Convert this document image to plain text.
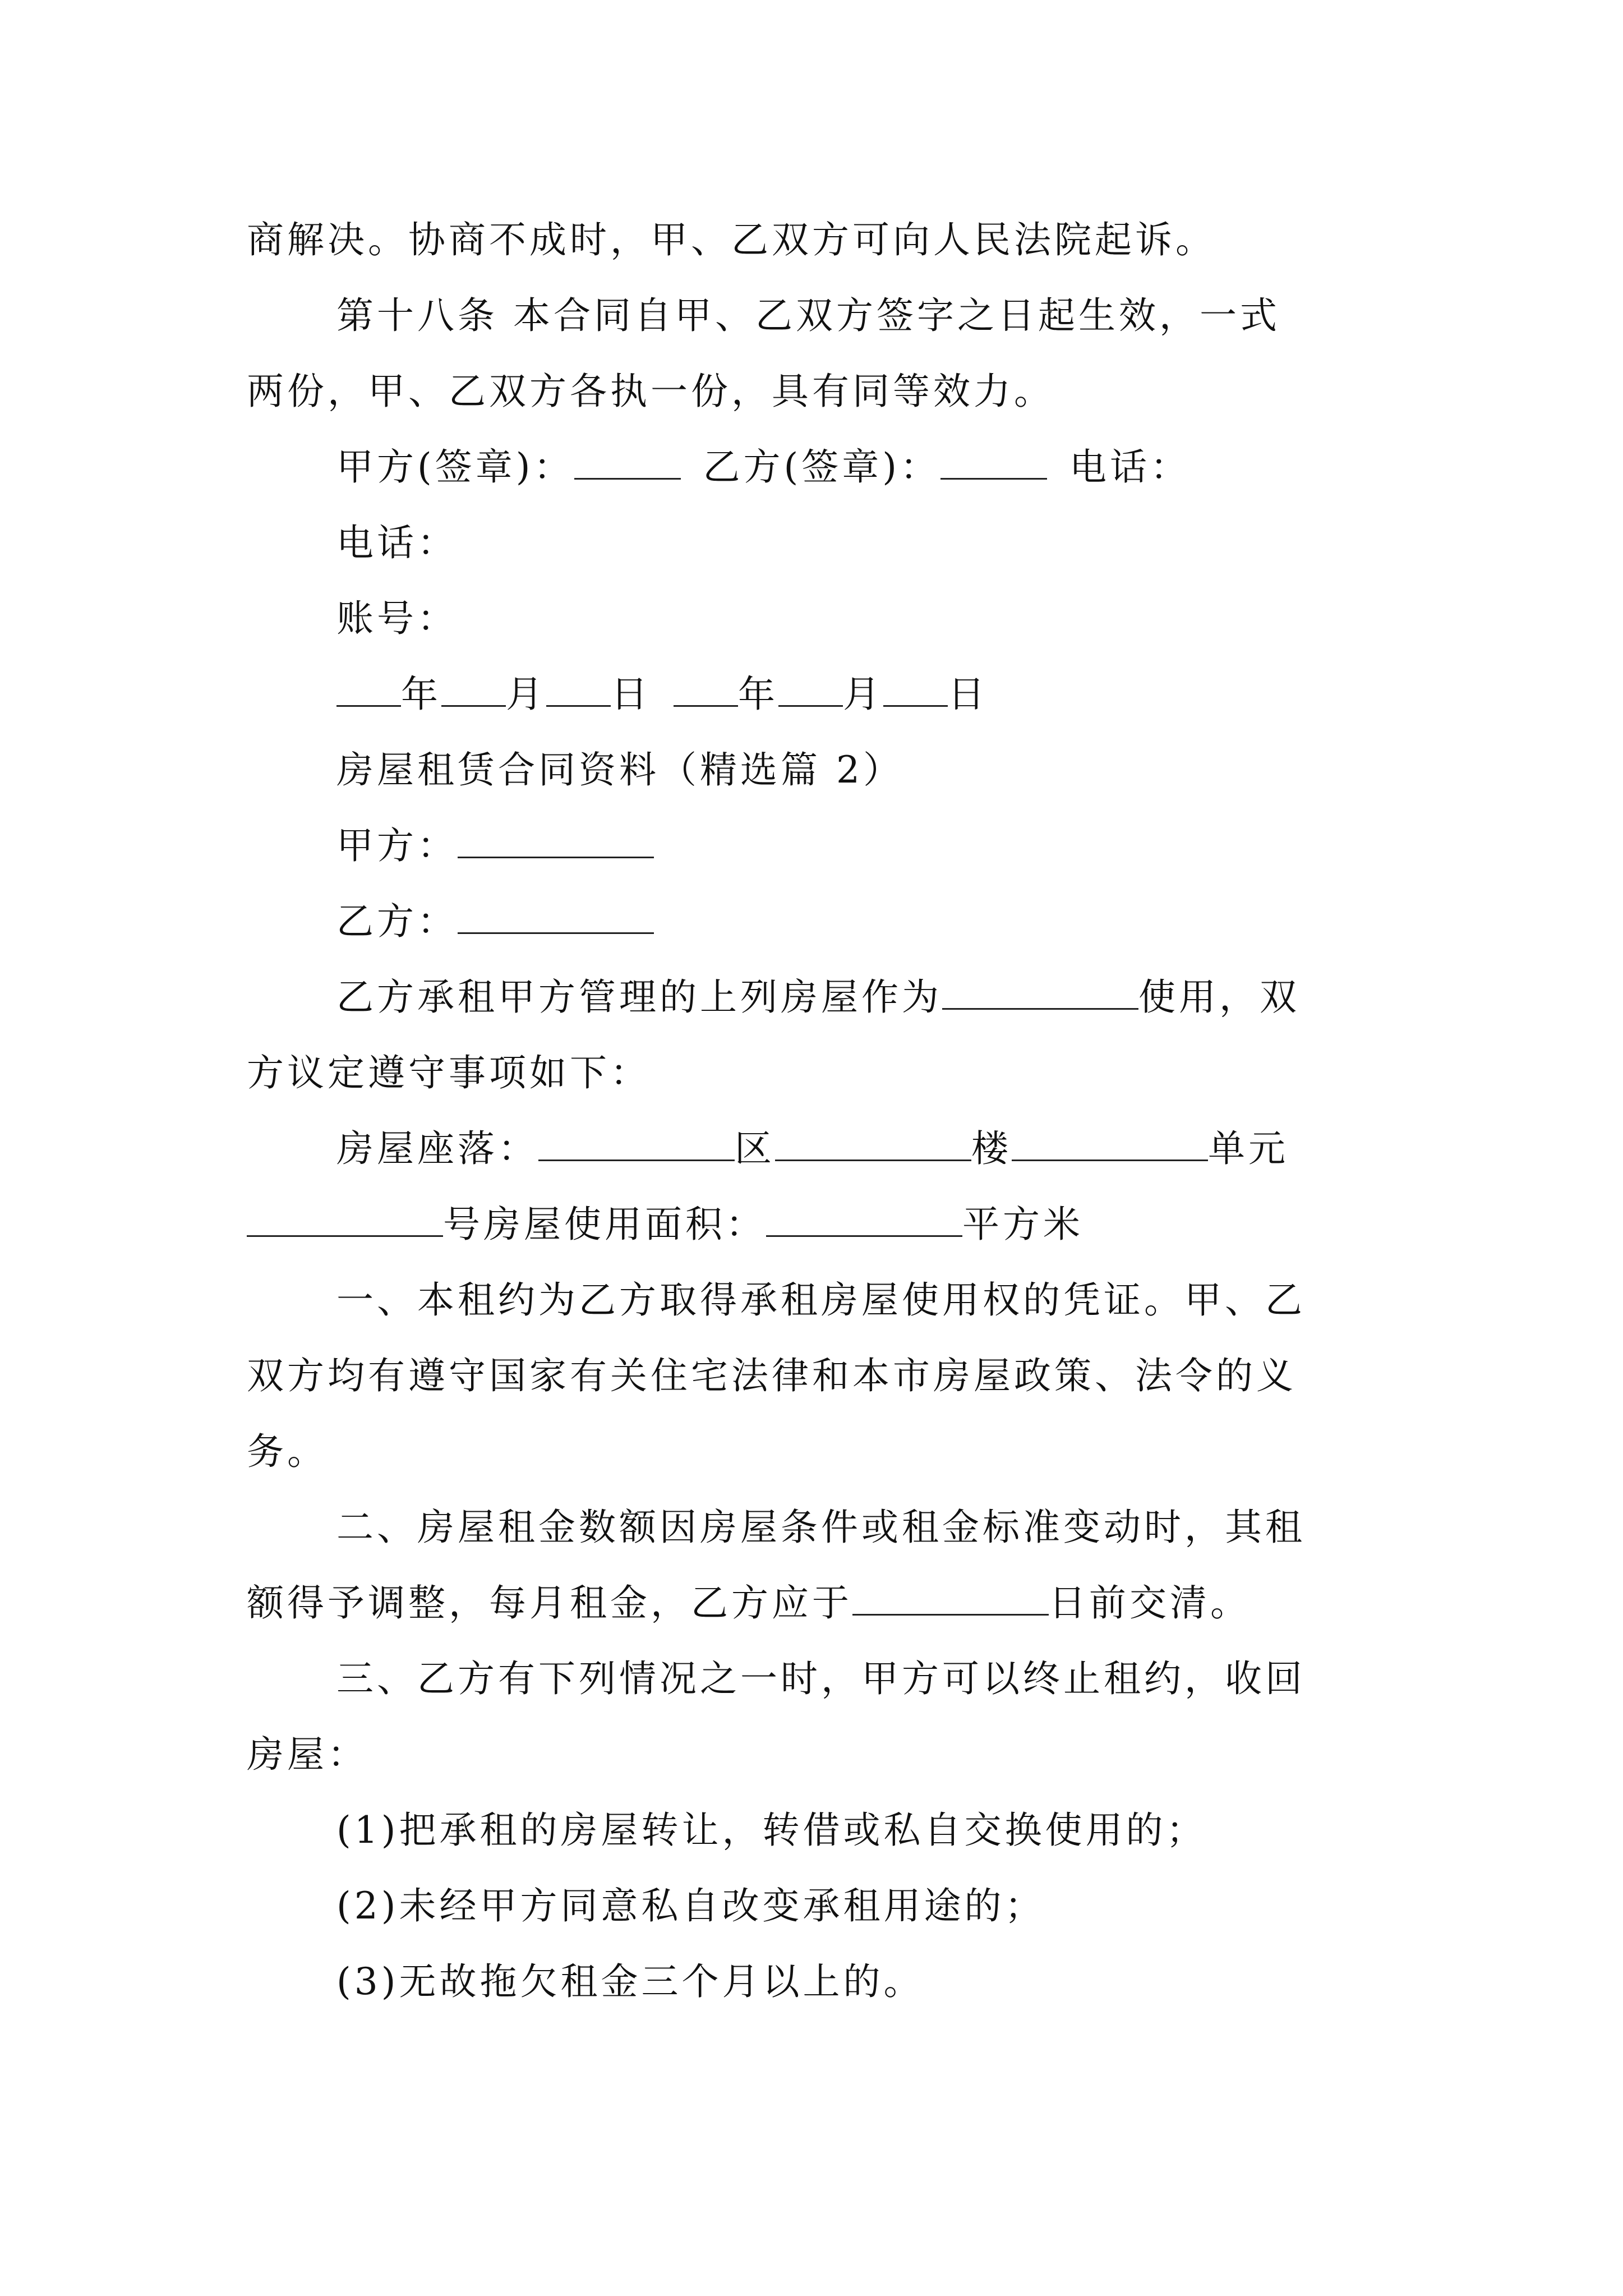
商解决。协商不成时，甲、乙双方可向人民法院起诉。
第十八条 本合同自甲、乙双方签字之日起生效，一式
两份，甲、乙双方各执一份，具有同等效力。
甲方(签章)：	乙方(签章)：	电话：
电话：
账号：
年 月 日 年 月 日
房屋租赁合同资料（精选篇 2）
甲方：
乙方：
乙方承租甲方管理的上列房屋作为	使用，双
方议定遵守事项如下：
房屋座落：	区	楼	单元
号房屋使用面积：	平方米
一、本租约为乙方取得承租房屋使用权的凭证。甲、乙
双方均有遵守国家有关住宅法律和本市房屋政策、法令的义
务。
二、房屋租金数额因房屋条件或租金标准变动时，其租
额得予调整，每月租金，乙方应于	日前交清。
三、乙方有下列情况之一时，甲方可以终止租约，收回
房屋：
(1)把承租的房屋转让，转借或私自交换使用的；
(2)未经甲方同意私自改变承租用途的；
(3)无故拖欠租金三个月以上的。
